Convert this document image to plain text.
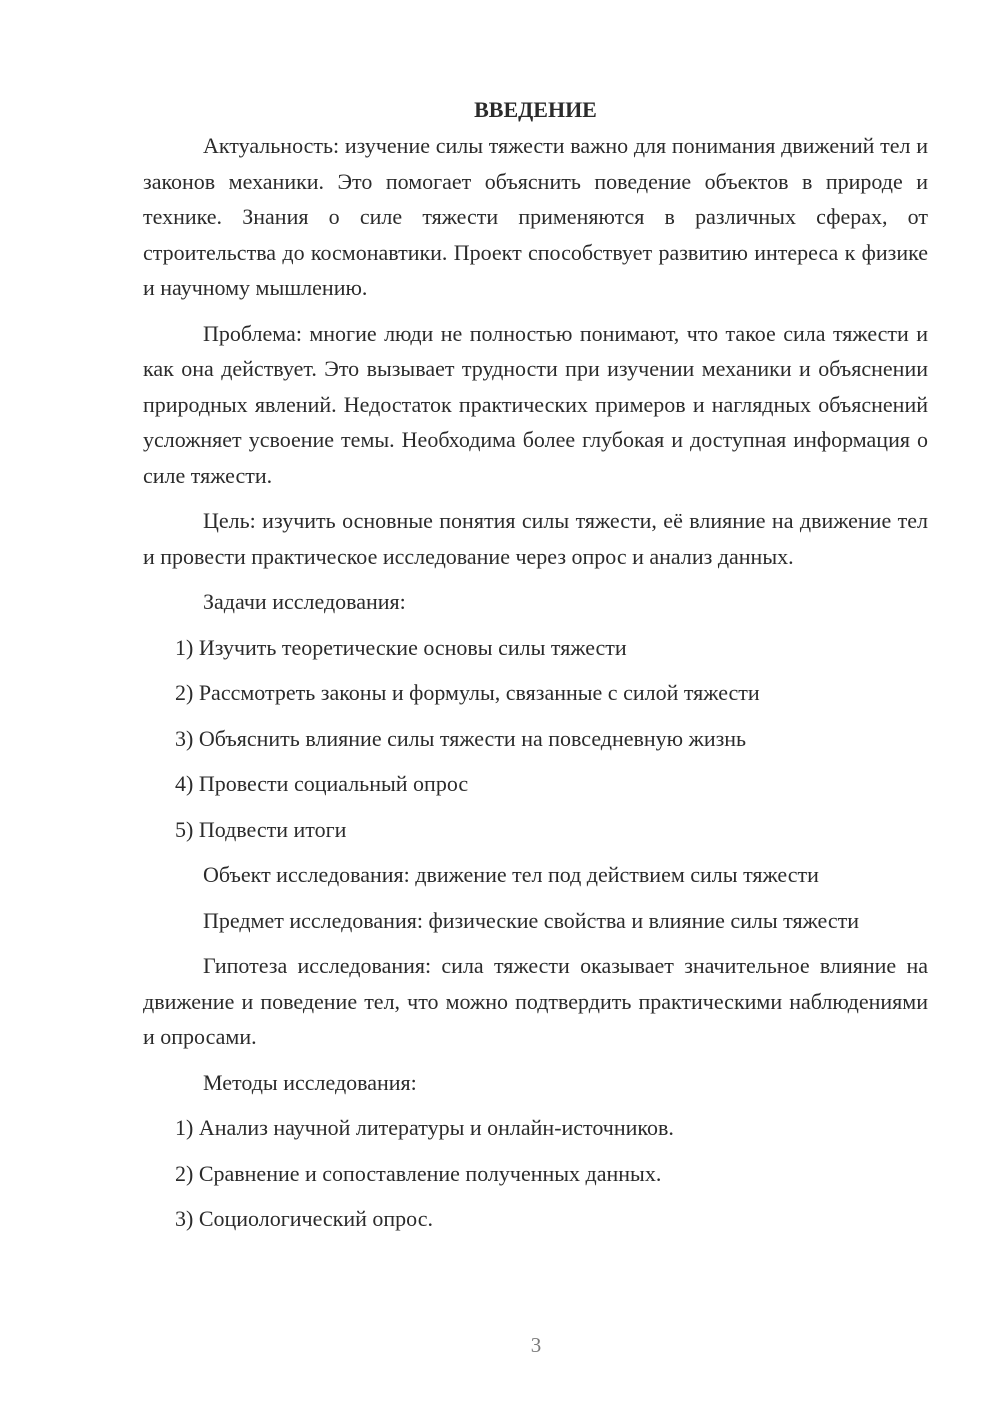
ВВЕДЕНИЕ

Актуальность: изучение силы тяжести важно для понимания движений тел и законов механики. Это помогает объяснить поведение объектов в природе и технике. Знания о силе тяжести применяются в различных сферах, от строительства до космонавтики. Проект способствует развитию интереса к физике и научному мышлению.

Проблема: многие люди не полностью понимают, что такое сила тяжести и как она действует. Это вызывает трудности при изучении механики и объяснении природных явлений. Недостаток практических примеров и наглядных объяснений усложняет усвоение темы. Необходима более глубокая и доступная информация о силе тяжести.

Цель: изучить основные понятия силы тяжести, её влияние на движение тел и провести практическое исследование через опрос и анализ данных.

Задачи исследования:

1) Изучить теоретические основы силы тяжести

2) Рассмотреть законы и формулы, связанные с силой тяжести

3) Объяснить влияние силы тяжести на повседневную жизнь

4) Провести социальный опрос

5) Подвести итоги

Объект исследования: движение тел под действием силы тяжести

Предмет исследования: физические свойства и влияние силы тяжести

Гипотеза исследования: сила тяжести оказывает значительное влияние на движение и поведение тел, что можно подтвердить практическими наблюдениями и опросами.

Методы исследования:

1) Анализ научной литературы и онлайн-источников.

2) Сравнение и сопоставление полученных данных.

3) Социологический опрос.

3
